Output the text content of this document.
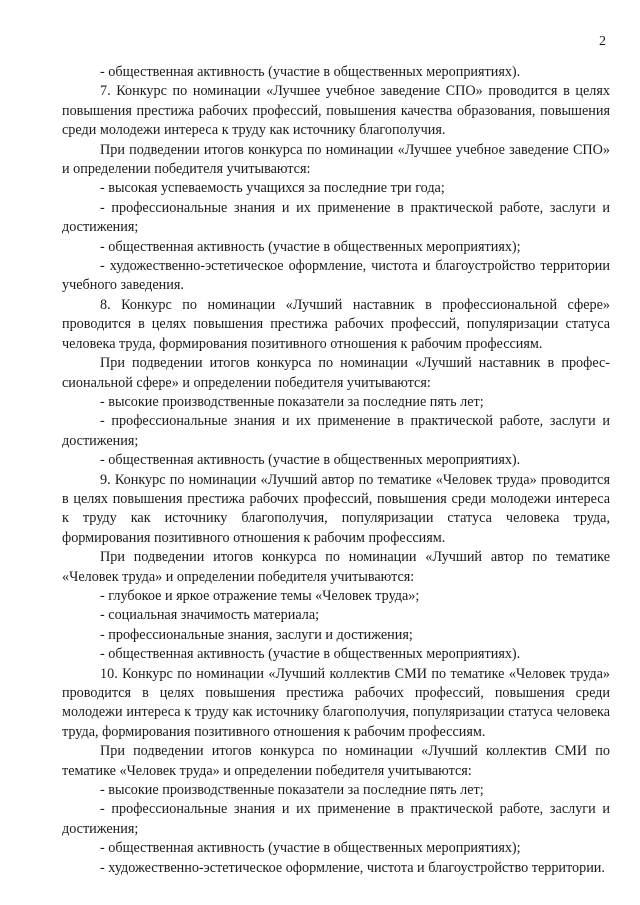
2

- общественная активность (участие в общественных мероприятиях).

7. Конкурс по номинации «Лучшее учебное заведение СПО» проводится в целях повышения престижа рабочих профессий, повышения качества образования, повышения среди молодежи интереса к труду как источнику благополучия.

При подведении итогов конкурса по номинации «Лучшее учебное заведение СПО» и определении победителя учитываются:

- высокая успеваемость учащихся за последние три года;

- профессиональные знания и их применение в практической работе, заслуги и достижения;

- общественная активность (участие в общественных мероприятиях);

- художественно-эстетическое оформление, чистота и благоустройство территории учебного заведения.

8. Конкурс по номинации «Лучший наставник в профессиональной сфере» проводится в целях повышения престижа рабочих профессий, популяризации статуса человека труда, формирования позитивного отношения к рабочим профессиям.

При подведении итогов конкурса по номинации «Лучший наставник в профессиональной сфере» и определении победителя учитываются:

- высокие производственные показатели за последние пять лет;

- профессиональные знания и их применение в практической работе, заслуги и достижения;

- общественная активность (участие в общественных мероприятиях).

9. Конкурс по номинации «Лучший автор по тематике «Человек труда» проводится в целях повышения престижа рабочих профессий, повышения среди молодежи интереса к труду как источнику благополучия, популяризации статуса человека труда, формирования позитивного отношения к рабочим профессиям.

При подведении итогов конкурса по номинации «Лучший автор по тематике «Человек труда» и определении победителя учитываются:

- глубокое и яркое отражение темы «Человек труда»;

- социальная значимость материала;

- профессиональные знания, заслуги и достижения;

- общественная активность (участие в общественных мероприятиях).

10. Конкурс по номинации «Лучший коллектив СМИ по тематике «Человек труда» проводится в целях повышения престижа рабочих профессий, повышения среди молодежи интереса к труду как источнику благополучия, популяризации статуса человека труда, формирования позитивного отношения к рабочим профессиям.

При подведении итогов конкурса по номинации «Лучший коллектив СМИ по тематике «Человек труда» и определении победителя учитываются:

- высокие производственные показатели за последние пять лет;

- профессиональные знания и их применение в практической работе, заслуги и достижения;

- общественная активность (участие в общественных мероприятиях);

- художественно-эстетическое оформление, чистота и благоустройство территории.
